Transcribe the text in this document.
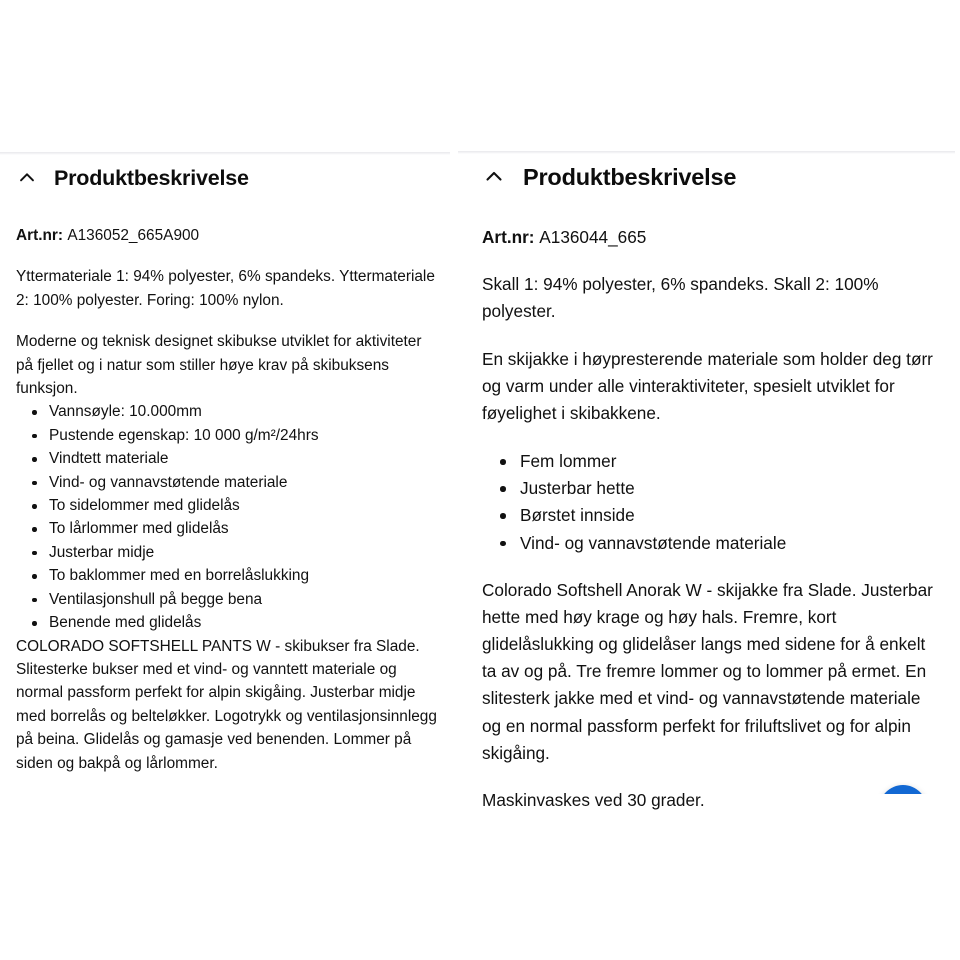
Produktbeskrivelse

Art.nr: A136052_665A900

Yttermateriale 1: 94% polyester, 6% spandeks. Yttermateriale 2: 100% polyester. Foring: 100% nylon.

Moderne og teknisk designet skibukse utviklet for aktiviteter på fjellet og i natur som stiller høye krav på skibuksens funksjon.

Vannsøyle: 10.000mm
Pustende egenskap: 10 000 g/m²/24hrs
Vindtett materiale
Vind- og vannavstøtende materiale
To sidelommer med glidelås
To lårlommer med glidelås
Justerbar midje
To baklommer med en borrelåslukking
Ventilasjonshull på begge bena
Benende med glidelås

COLORADO SOFTSHELL PANTS W - skibukser fra Slade. Slitesterke bukser med et vind- og vanntett materiale og normal passform perfekt for alpin skigåing. Justerbar midje med borrelås og belteløkker. Logotrykk og ventilasjonsinnlegg på beina. Glidelås og gamasje ved benenden. Lommer på siden og bakpå og lårlommer.

Produktbeskrivelse

Art.nr: A136044_665

Skall 1: 94% polyester, 6% spandeks. Skall 2: 100% polyester.

En skijakke i høypresterende materiale som holder deg tørr og varm under alle vinteraktiviteter, spesielt utviklet for føyelighet i skibakkene.

Fem lommer
Justerbar hette
Børstet innside
Vind- og vannavstøtende materiale

Colorado Softshell Anorak W - skijakke fra Slade. Justerbar hette med høy krage og høy hals. Fremre, kort glidelåslukking og glidelåser langs med sidene for å enkelt ta av og på. Tre fremre lommer og to lommer på ermet. En slitesterk jakke med et vind- og vannavstøtende materiale og en normal passform perfekt for friluftslivet og for alpin skigåing.

Maskinvaskes ved 30 grader.
